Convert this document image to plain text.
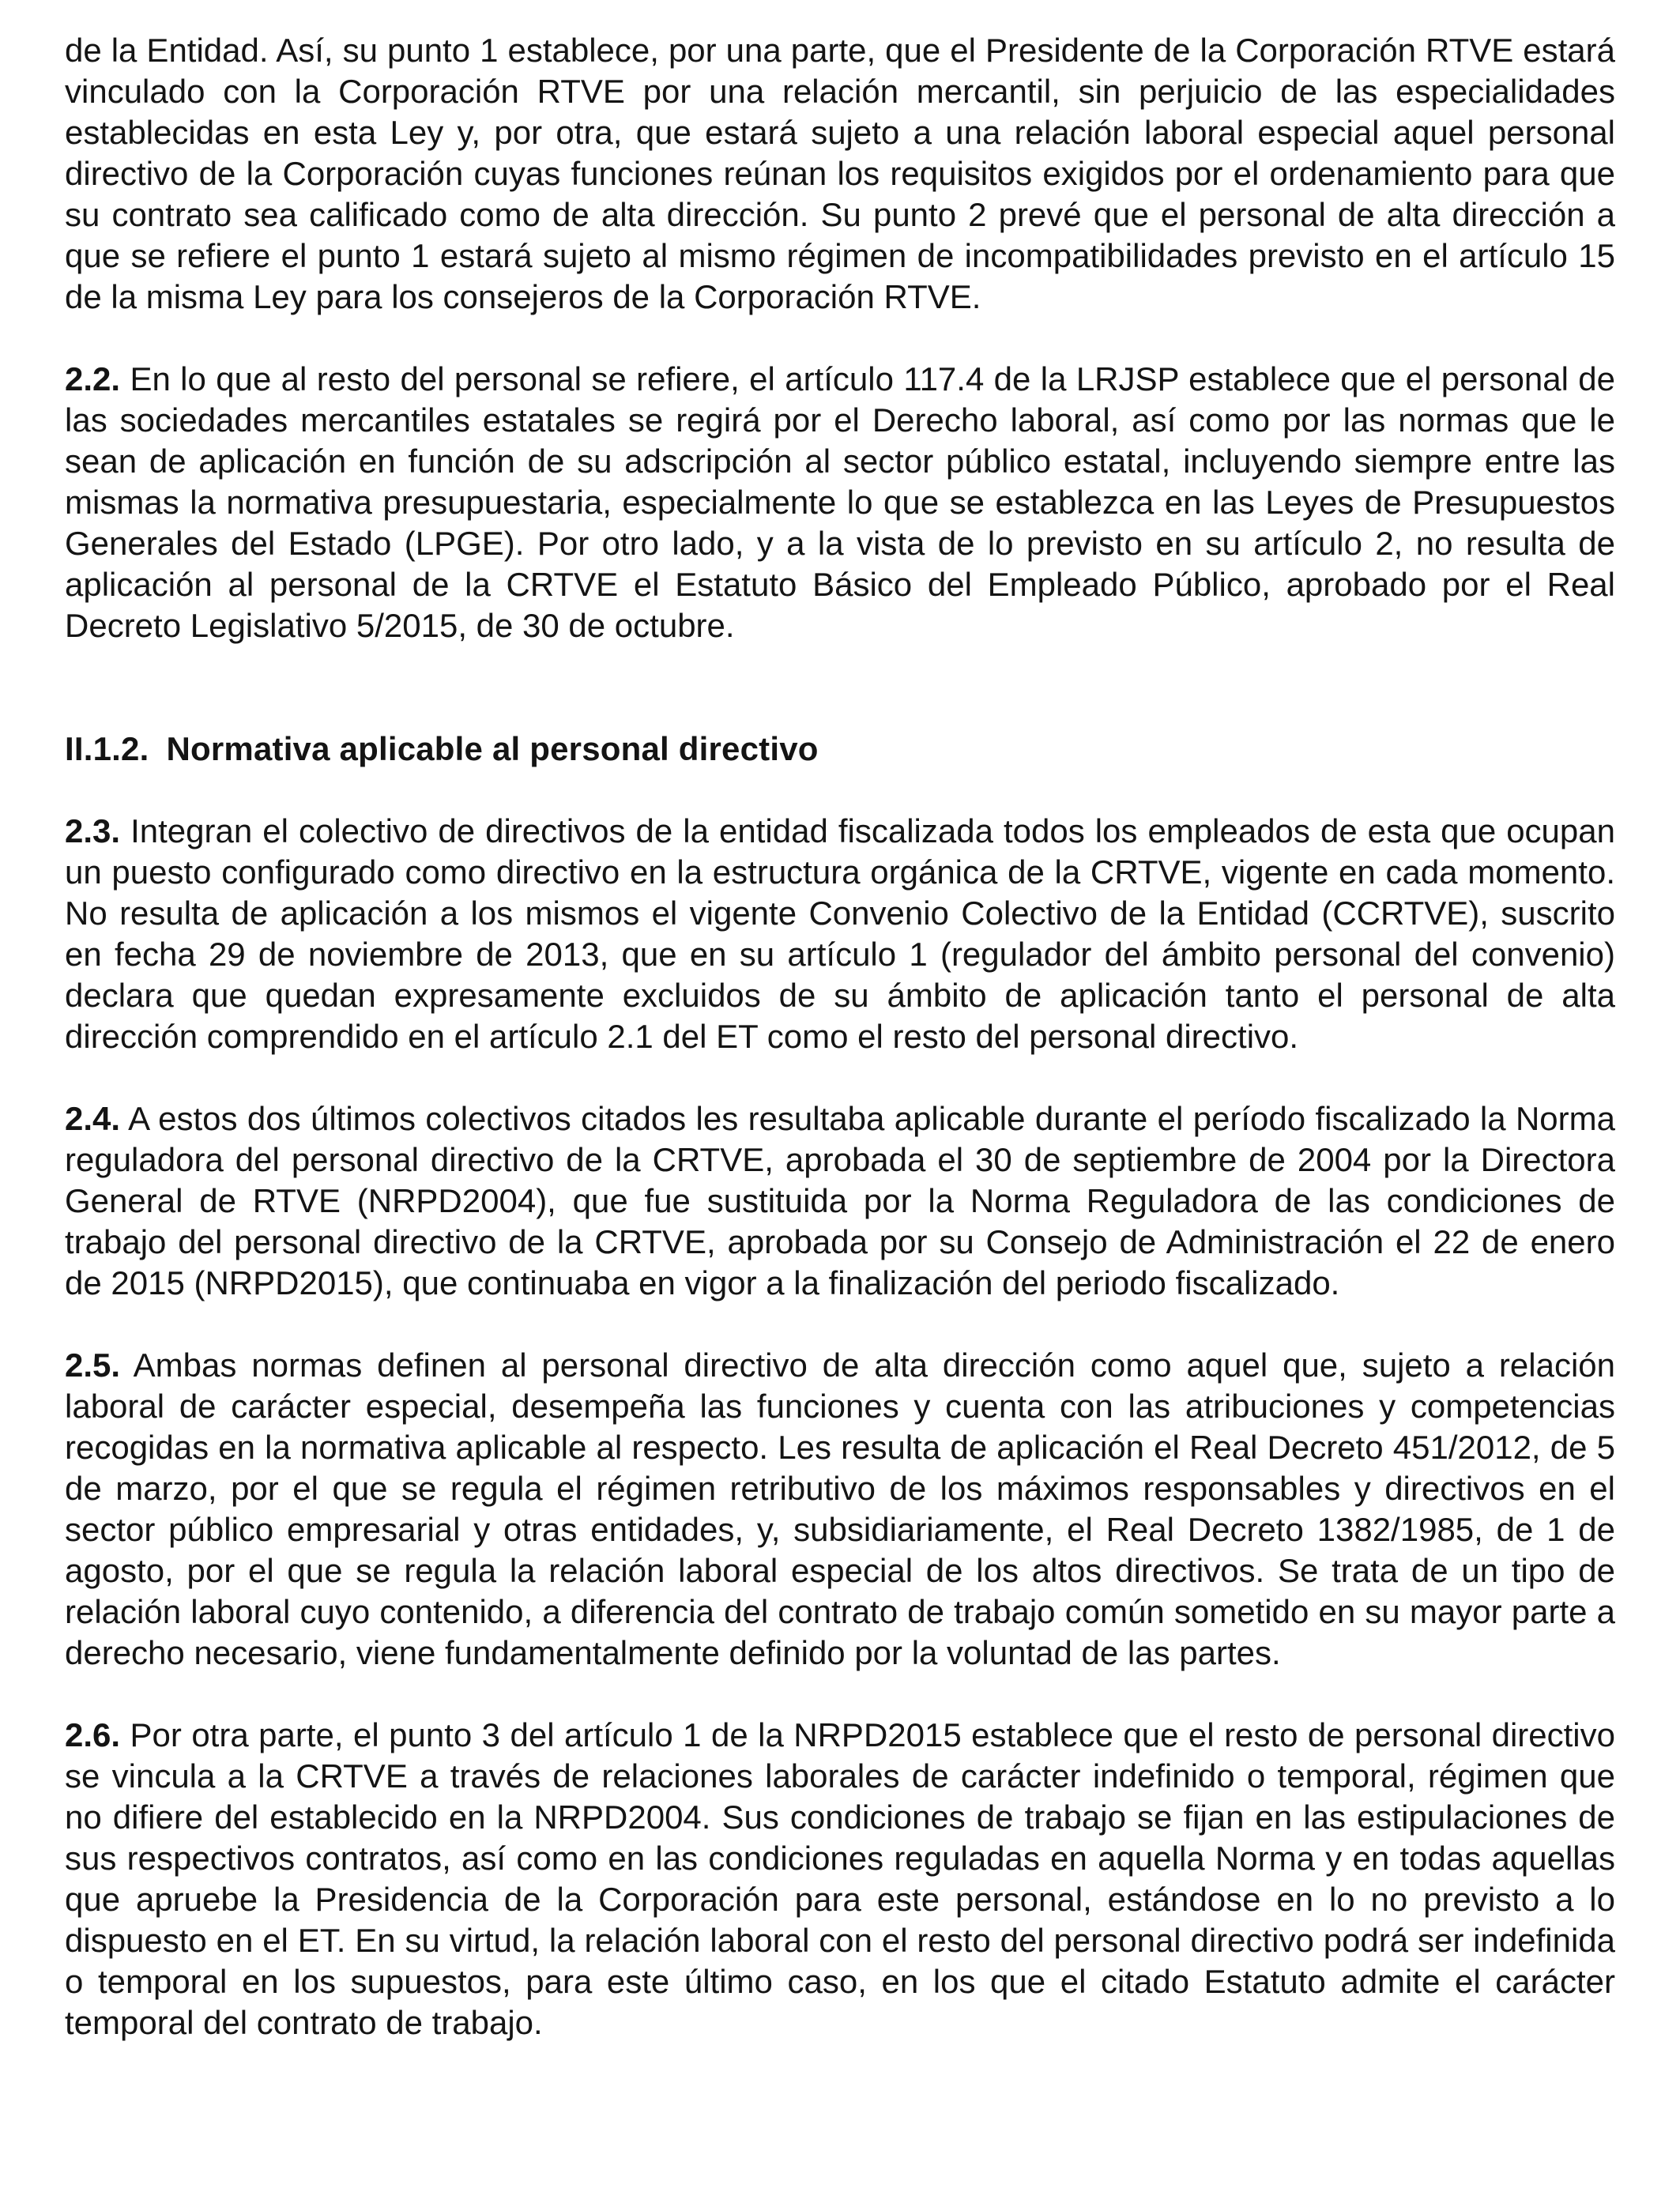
de la Entidad. Así, su punto 1 establece, por una parte, que el Presidente de la Corporación RTVE estará vinculado con la Corporación RTVE por una relación mercantil, sin perjuicio de las especialidades establecidas en esta Ley y, por otra, que estará sujeto a una relación laboral especial aquel personal directivo de la Corporación cuyas funciones reúnan los requisitos exigidos por el ordenamiento para que su contrato sea calificado como de alta dirección. Su punto 2 prevé que el personal de alta dirección a que se refiere el punto 1 estará sujeto al mismo régimen de incompatibilidades previsto en el artículo 15 de la misma Ley para los consejeros de la Corporación RTVE.

2.2. En lo que al resto del personal se refiere, el artículo 117.4 de la LRJSP establece que el personal de las sociedades mercantiles estatales se regirá por el Derecho laboral, así como por las normas que le sean de aplicación en función de su adscripción al sector público estatal, incluyendo siempre entre las mismas la normativa presupuestaria, especialmente lo que se establezca en las Leyes de Presupuestos Generales del Estado (LPGE). Por otro lado, y a la vista de lo previsto en su artículo 2, no resulta de aplicación al personal de la CRTVE el Estatuto Básico del Empleado Público, aprobado por el Real Decreto Legislativo 5/2015, de 30 de octubre.

II.1.2. Normativa aplicable al personal directivo

2.3. Integran el colectivo de directivos de la entidad fiscalizada todos los empleados de esta que ocupan un puesto configurado como directivo en la estructura orgánica de la CRTVE, vigente en cada momento. No resulta de aplicación a los mismos el vigente Convenio Colectivo de la Entidad (CCRTVE), suscrito en fecha 29 de noviembre de 2013, que en su artículo 1 (regulador del ámbito personal del convenio) declara que quedan expresamente excluidos de su ámbito de aplicación tanto el personal de alta dirección comprendido en el artículo 2.1 del ET como el resto del personal directivo.

2.4. A estos dos últimos colectivos citados les resultaba aplicable durante el período fiscalizado la Norma reguladora del personal directivo de la CRTVE, aprobada el 30 de septiembre de 2004 por la Directora General de RTVE (NRPD2004), que fue sustituida por la Norma Reguladora de las condiciones de trabajo del personal directivo de la CRTVE, aprobada por su Consejo de Administración el 22 de enero de 2015 (NRPD2015), que continuaba en vigor a la finalización del periodo fiscalizado.

2.5. Ambas normas definen al personal directivo de alta dirección como aquel que, sujeto a relación laboral de carácter especial, desempeña las funciones y cuenta con las atribuciones y competencias recogidas en la normativa aplicable al respecto. Les resulta de aplicación el Real Decreto 451/2012, de 5 de marzo, por el que se regula el régimen retributivo de los máximos responsables y directivos en el sector público empresarial y otras entidades, y, subsidiariamente, el Real Decreto 1382/1985, de 1 de agosto, por el que se regula la relación laboral especial de los altos directivos. Se trata de un tipo de relación laboral cuyo contenido, a diferencia del contrato de trabajo común sometido en su mayor parte a derecho necesario, viene fundamentalmente definido por la voluntad de las partes.

2.6. Por otra parte, el punto 3 del artículo 1 de la NRPD2015 establece que el resto de personal directivo se vincula a la CRTVE a través de relaciones laborales de carácter indefinido o temporal, régimen que no difiere del establecido en la NRPD2004. Sus condiciones de trabajo se fijan en las estipulaciones de sus respectivos contratos, así como en las condiciones reguladas en aquella Norma y en todas aquellas que apruebe la Presidencia de la Corporación para este personal, estándose en lo no previsto a lo dispuesto en el ET. En su virtud, la relación laboral con el resto del personal directivo podrá ser indefinida o temporal en los supuestos, para este último caso, en los que el citado Estatuto admite el carácter temporal del contrato de trabajo.
